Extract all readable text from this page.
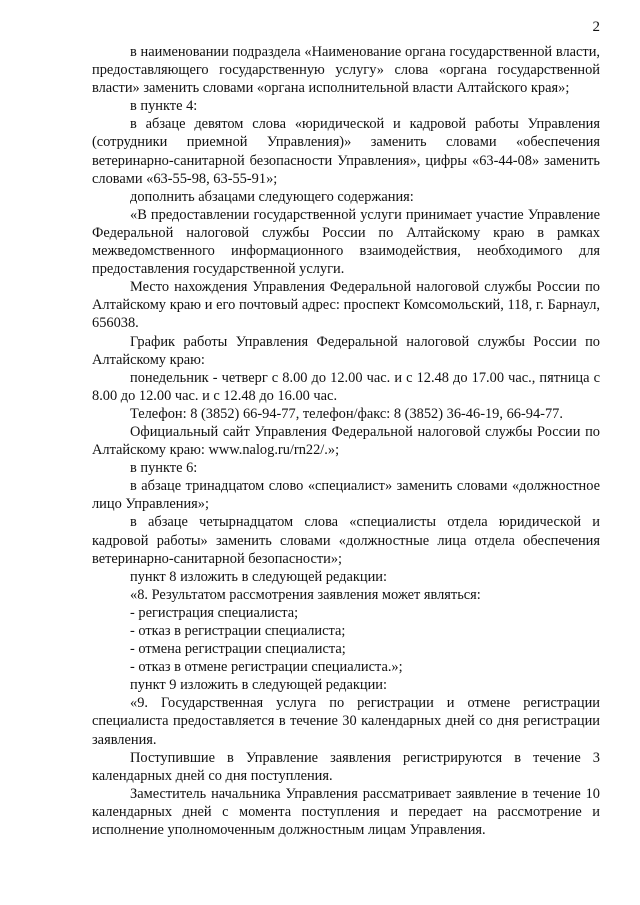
2

в наименовании подраздела «Наименование органа государственной власти, предоставляющего государственную услугу» слова «органа государственной власти» заменить словами «органа исполнительной власти Алтайского края»;

в пункте 4:

в абзаце девятом слова «юридической и кадровой работы Управления (сотрудники приемной Управления)» заменить словами «обеспечения ветеринарно-санитарной безопасности Управления», цифры «63-44-08» заменить словами «63-55-98, 63-55-91»;

дополнить абзацами следующего содержания:

«В предоставлении государственной услуги принимает участие Управление Федеральной налоговой службы России по Алтайскому краю в рамках межведомственного информационного взаимодействия, необходимого для предоставления государственной услуги.

Место нахождения Управления Федеральной налоговой службы России по Алтайскому краю и его почтовый адрес: проспект Комсомольский, 118, г. Барнаул, 656038.

График работы Управления Федеральной налоговой службы России по Алтайскому краю:

понедельник - четверг с 8.00 до 12.00 час. и с 12.48 до 17.00 час., пятница с 8.00 до 12.00 час. и с 12.48 до 16.00 час.

Телефон: 8 (3852) 66-94-77, телефон/факс: 8 (3852) 36-46-19, 66-94-77.

Официальный сайт Управления Федеральной налоговой службы России по Алтайскому краю: www.nalog.ru/rn22/.»;

в пункте 6:

в абзаце тринадцатом слово «специалист» заменить словами «должностное лицо Управления»;

в абзаце четырнадцатом слова «специалисты отдела юридической и кадровой работы» заменить словами «должностные лица отдела обеспечения ветеринарно-санитарной безопасности»;

пункт 8 изложить в следующей редакции:

«8. Результатом рассмотрения заявления может являться:

- регистрация специалиста;

- отказ в регистрации специалиста;

- отмена регистрации специалиста;

- отказ в отмене регистрации специалиста.»;

пункт 9 изложить в следующей редакции:

«9. Государственная услуга по регистрации и отмене регистрации специалиста предоставляется в течение 30 календарных дней со дня регистрации заявления.

Поступившие в Управление заявления регистрируются в течение 3 календарных дней со дня поступления.

Заместитель начальника Управления рассматривает заявление в течение 10 календарных дней с момента поступления и передает на рассмотрение и исполнение уполномоченным должностным лицам Управления.
